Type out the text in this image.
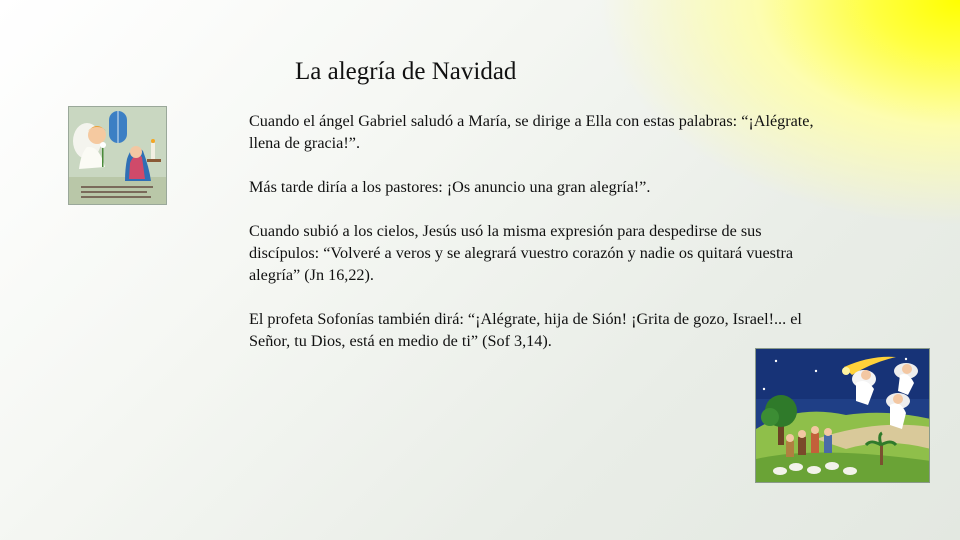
La alegría de Navidad

Cuando el ángel Gabriel saludó a María, se dirige a Ella con estas palabras: “¡Alégrate, llena de gracia!”.

Más tarde diría a los pastores: ¡Os anuncio una gran alegría!”.

Cuando subió a los cielos, Jesús usó la misma expresión para despedirse de sus discípulos: “Volveré a veros y se alegrará vuestro corazón y nadie os quitará vuestra alegría” (Jn 16,22).

El profeta Sofonías también dirá: “¡Alégrate, hija de Sión! ¡Grita de gozo, Israel!... el Señor, tu Dios, está en medio de ti” (Sof 3,14).
